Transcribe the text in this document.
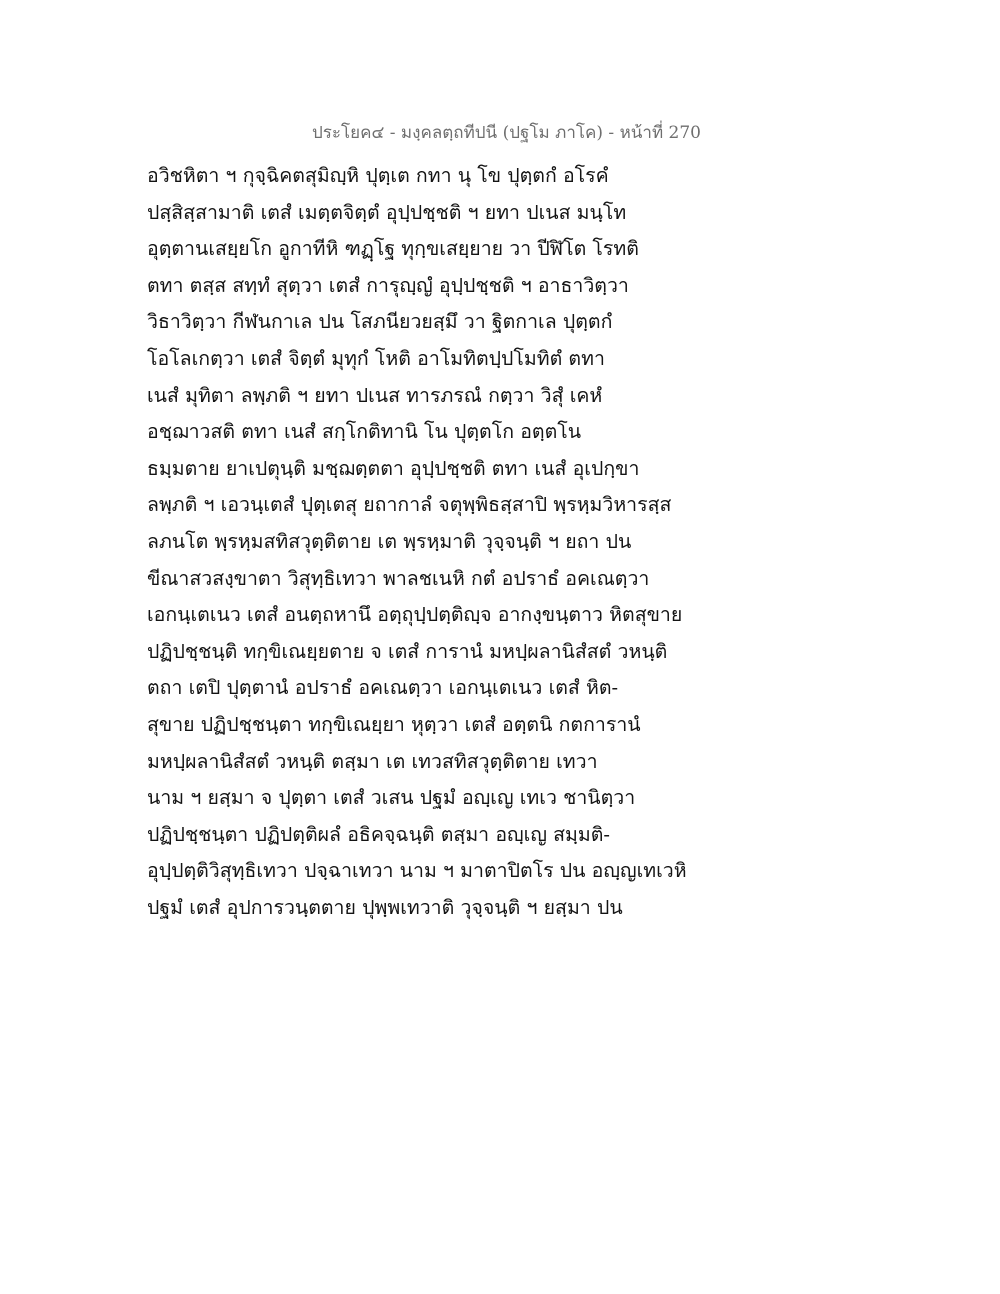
ประโยค๔ - มงฺคลตฺถทีปนี (ปฐโม ภาโค) - หน้าที่ 270
อวิชหิตา ฯ กุจฺฉิคตสุมิญฺหิ ปุตฺเต กทา นุ โข ปุตฺตกํ อโรคํ
ปสฺสิสฺสามาติ เตสํ เมตฺตจิตฺตํ อุปฺปชฺชติ ฯ ยทา ปเนส มนฺโท
อุตฺตานเสยฺยโก อูกาทีหิ ฑฏฺโฐ ทุกฺขเสยฺยาย วา ปีฬิโต โรทติ
ตทา ตสฺส สทฺทํ สุตฺวา เตสํ การุญฺญํ อุปฺปชฺชติ ฯ อาธาวิตฺวา
วิธาวิตฺวา กีฬนกาเล ปน โสภนียวยสฺมึ วา ฐิตกาเล ปุตฺตกํ
โอโลเกตฺวา เตสํ จิตฺตํ มุทุกํ โหติ อาโมทิตปฺปโมทิตํ ตทา
เนสํ มุทิตา ลพฺภติ ฯ ยทา ปเนส ทารภรณํ กตฺวา วิสุํ เคหํ
อชฺฌาวสติ ตทา เนสํ สกฺโกติทานิ โน ปุตฺตโก อตฺตโน
ธมฺมตาย ยาเปตุนฺติ มชฺฌตฺตตา อุปฺปชฺชติ ตทา เนสํ อุเปกฺขา
ลพฺภติ ฯ เอวนฺเตสํ ปุตฺเตสุ ยถากาลํ จตุพฺพิธสฺสาปิ พฺรหฺมวิหารสฺส
ลภนโต พฺรหฺมสทิสวุตฺติตาย เต พฺรหฺมาติ วุจฺจนฺติ ฯ ยถา ปน
ขีณาสวสงฺขาตา วิสุทฺธิเทวา พาลชเนหิ กตํ อปราธํ อคเณตฺวา
เอกนฺเตเนว เตสํ อนตฺถหานึ อตฺถุปฺปตฺติญฺจ อากงฺขนฺตาว หิตสุขาย
ปฏิปชฺชนฺติ ทกฺขิเณยฺยตาย จ เตสํ การานํ มหปฺผลานิสํสตํ วหนฺติ
ตถา เตปิ ปุตฺตานํ อปราธํ อคเณตฺวา เอกนฺเตเนว เตสํ หิต-
สุขาย ปฏิปชฺชนฺตา ทกฺขิเณยฺยา หุตฺวา เตสํ อตฺตนิ กตการานํ
มหปฺผลานิสํสตํ วหนฺติ ตสฺมา เต เทวสทิสวุตฺติตาย เทวา
นาม ฯ ยสฺมา จ ปุตฺตา เตสํ วเสน ปฐมํ อญฺเญ เทเว ชานิตฺวา
ปฏิปชฺชนฺตา ปฏิปตฺติผลํ อธิคจฺฉนฺติ ตสฺมา อญฺเญ สมฺมติ-
อุปฺปตฺติวิสุทฺธิเทวา ปจฺฉาเทวา นาม ฯ มาตาปิตโร ปน อญฺญเทเวหิ
ปฐมํ เตสํ อุปการวนฺตตาย ปุพฺพเทวาติ วุจฺจนฺติ ฯ ยสฺมา ปน
